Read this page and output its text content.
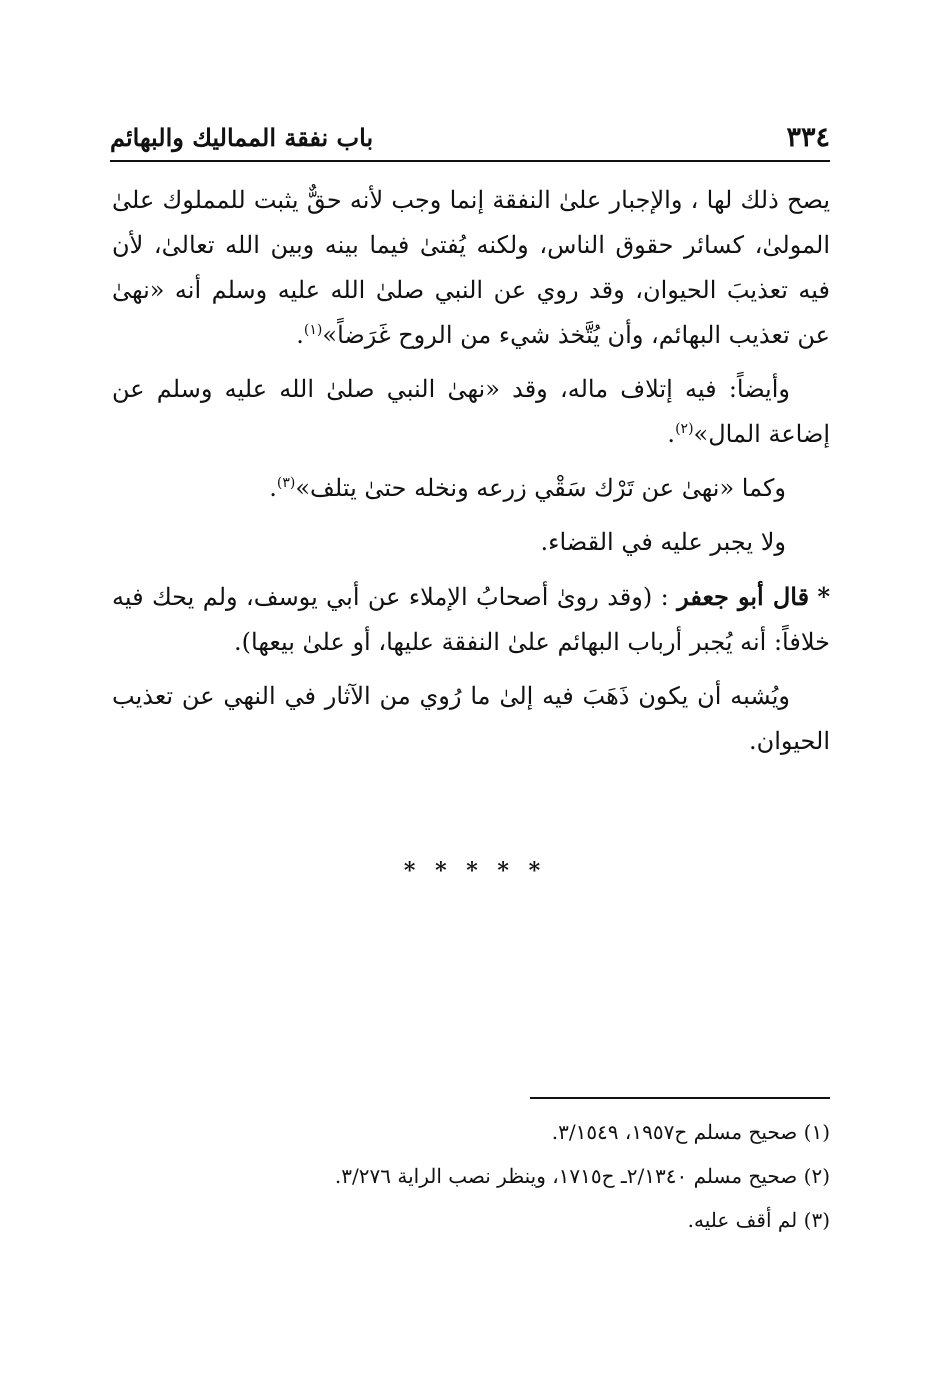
٣٣٤
باب نفقة المماليك والبهائم

يصح ذلك لها ، والإجبار علىٰ النفقة إنما وجب لأنه حقٌّ يثبت للمملوك علىٰ المولىٰ، كسائر حقوق الناس، ولكنه يُفتىٰ فيما بينه وبين الله تعالىٰ، لأن فيه تعذيبَ الحيوان، وقد روي عن النبي صلىٰ الله عليه وسلم أنه «نهىٰ عن تعذيب البهائم، وأن يُتَّخذ شيء من الروح غَرَضاً»$^{(١)}$.

وأيضاً: فيه إتلاف ماله، وقد «نهىٰ النبي صلىٰ الله عليه وسلم عن إضاعة المال»$^{(٢)}$.

وكما «نهىٰ عن تَرْك سَقْي زرعه ونخله حتىٰ يتلف»$^{(٣)}$.

ولا يجبر عليه في القضاء.

* قال أبو جعفر : (وقد روىٰ أصحابُ الإملاء عن أبي يوسف، ولم يحك فيه خلافاً: أنه يُجبر أرباب البهائم علىٰ النفقة عليها، أو علىٰ بيعها).

ويُشبه أن يكون ذَهَبَ فيه إلىٰ ما رُوي من الآثار في النهي عن تعذيب الحيوان.

* * * * *

(١) صحيح مسلم ح١٩٥٧، ٣/١٥٤٩.

(٢) صحيح مسلم ٢/١٣٤٠ـ ح١٧١٥، وينظر نصب الراية ٣/٢٧٦.

(٣) لم أقف عليه.
